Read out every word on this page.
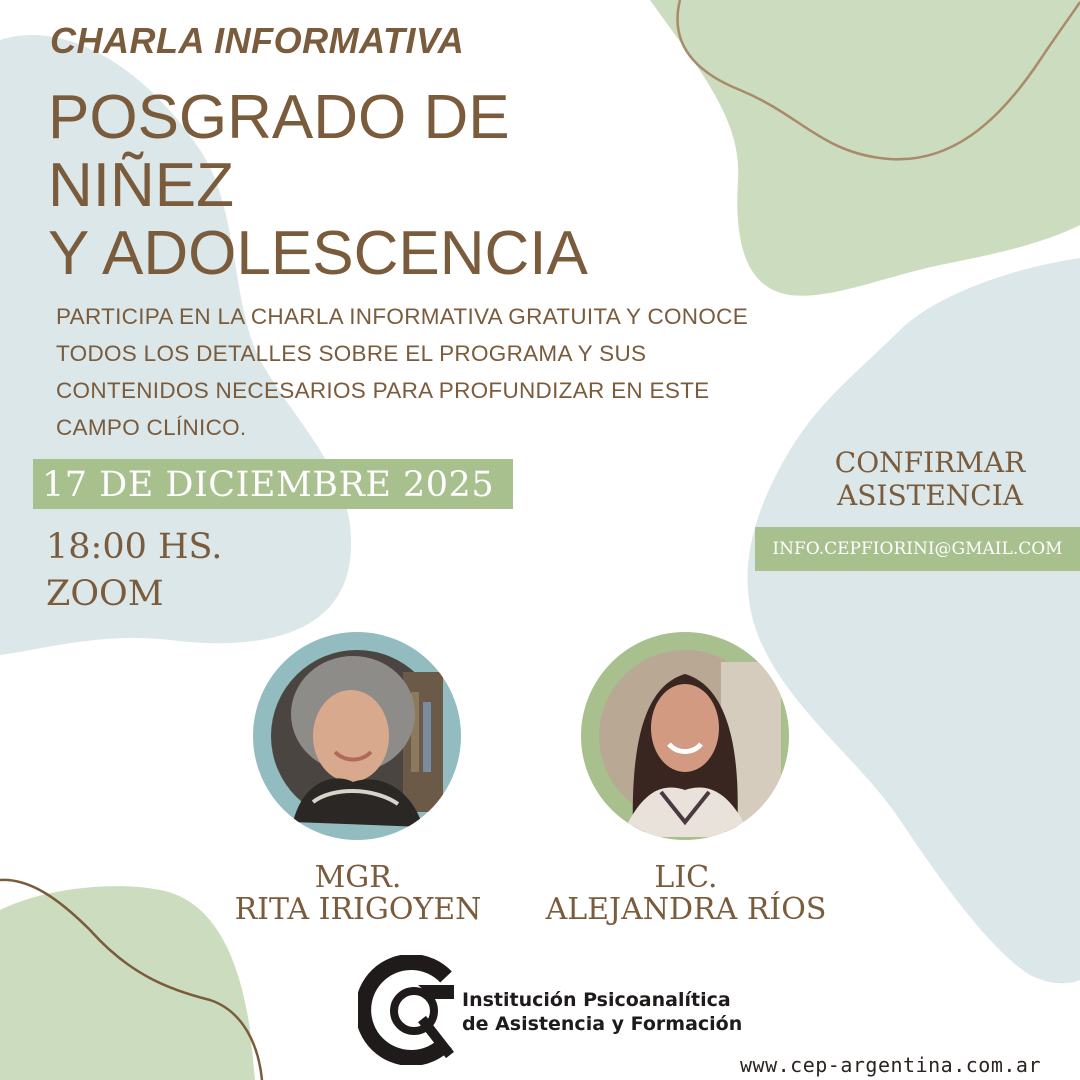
CHARLA INFORMATIVA
POSGRADO DE
NIÑEZ
Y ADOLESCENCIA
PARTICIPA EN LA CHARLA INFORMATIVA GRATUITA Y CONOCE
TODOS LOS DETALLES SOBRE EL PROGRAMA Y SUS
CONTENIDOS NECESARIOS PARA PROFUNDIZAR EN ESTE
CAMPO CLÍNICO.
17 DE DICIEMBRE 2025
18:00 HS.
ZOOM
CONFIRMAR
ASISTENCIA
INFO.CEPFIORINI@GMAIL.COM
MGR.
RITA IRIGOYEN
LIC.
ALEJANDRA RÍOS
Institución Psicoanalítica
de Asistencia y Formación
www.cep-argentina.com.ar
